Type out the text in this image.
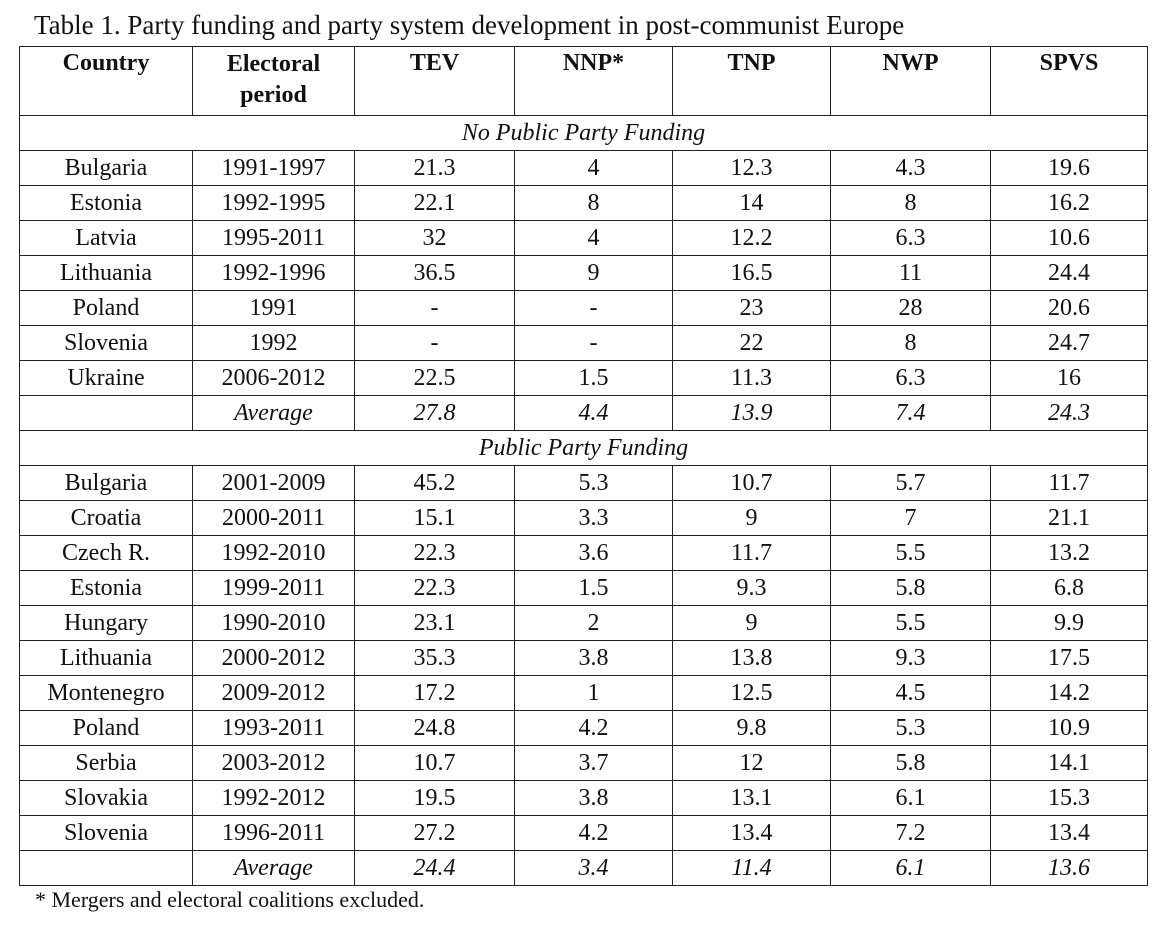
Table 1. Party funding and party system development in post-communist Europe
Country	Electoral period	TEV	NNP*	TNP	NWP	SPVS
No Public Party Funding						
Bulgaria	1991-1997	21.3	4	12.3	4.3	19.6
Estonia	1992-1995	22.1	8	14	8	16.2
Latvia	1995-2011	32	4	12.2	6.3	10.6
Lithuania	1992-1996	36.5	9	16.5	11	24.4
Poland	1991	-	-	23	28	20.6
Slovenia	1992	-	-	22	8	24.7
Ukraine	2006-2012	22.5	1.5	11.3	6.3	16
	Average	27.8	4.4	13.9	7.4	24.3
Public Party Funding						
Bulgaria	2001-2009	45.2	5.3	10.7	5.7	11.7
Croatia	2000-2011	15.1	3.3	9	7	21.1
Czech R.	1992-2010	22.3	3.6	11.7	5.5	13.2
Estonia	1999-2011	22.3	1.5	9.3	5.8	6.8
Hungary	1990-2010	23.1	2	9	5.5	9.9
Lithuania	2000-2012	35.3	3.8	13.8	9.3	17.5
Montenegro	2009-2012	17.2	1	12.5	4.5	14.2
Poland	1993-2011	24.8	4.2	9.8	5.3	10.9
Serbia	2003-2012	10.7	3.7	12	5.8	14.1
Slovakia	1992-2012	19.5	3.8	13.1	6.1	15.3
Slovenia	1996-2011	27.2	4.2	13.4	7.2	13.4
	Average	24.4	3.4	11.4	6.1	13.6
* Mergers and electoral coalitions excluded.
